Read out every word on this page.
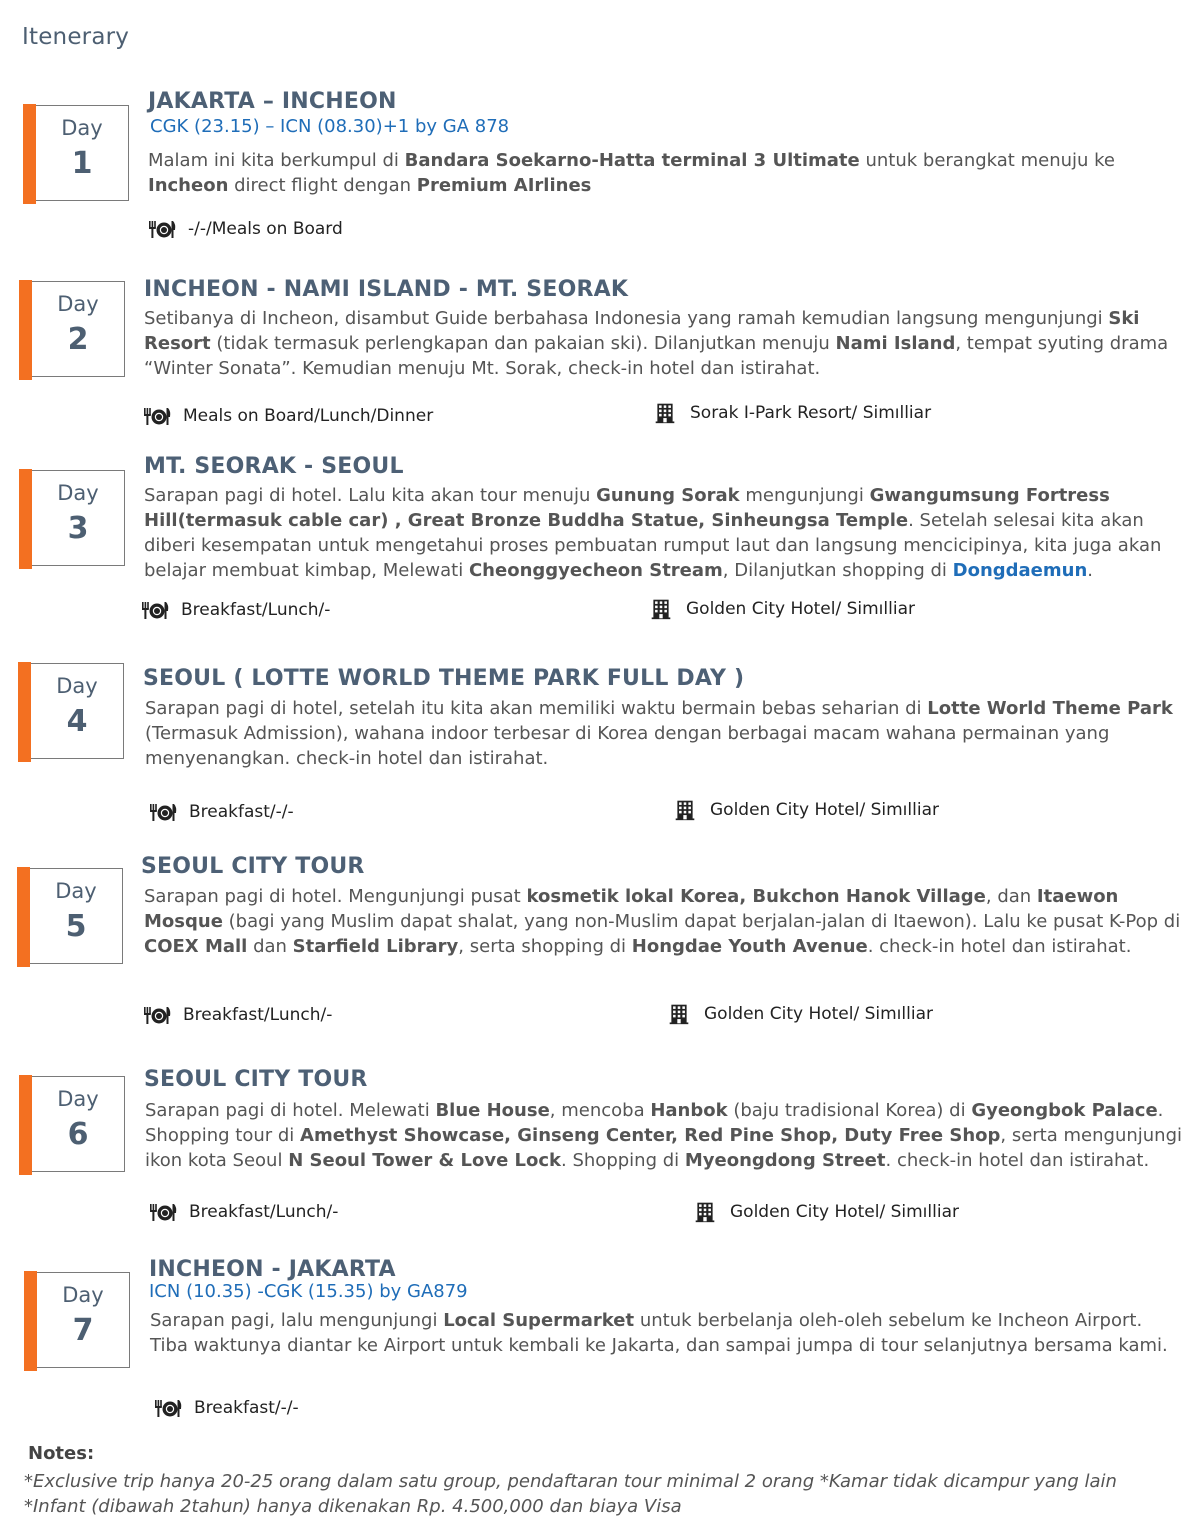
Itenerary
Day
1
JAKARTA – INCHEON
CGK (23.15) – ICN (08.30)+1 by GA 878
Malam ini kita berkumpul di Bandara Soekarno-Hatta terminal 3 Ultimate untuk berangkat menuju ke Incheon direct flight dengan Premium AIrlines
-/-/Meals on Board
Day
2
INCHEON - NAMI ISLAND - MT. SEORAK
Setibanya di Incheon, disambut Guide berbahasa Indonesia yang ramah kemudian langsung mengunjungi Ski Resort (tidak termasuk perlengkapan dan pakaian ski). Dilanjutkan menuju Nami Island, tempat syuting drama “Winter Sonata”. Kemudian menuju Mt. Sorak, check-in hotel dan istirahat.
Meals on Board/Lunch/Dinner	Sorak I-Park Resort/ Simılliar
Day
3
MT. SEORAK - SEOUL
Sarapan pagi di hotel. Lalu kita akan tour menuju Gunung Sorak mengunjungi Gwangumsung Fortress Hill(termasuk cable car) , Great Bronze Buddha Statue, Sinheungsa Temple. Setelah selesai kita akan diberi kesempatan untuk mengetahui proses pembuatan rumput laut dan langsung mencicipinya, kita juga akan belajar membuat kimbap, Melewati Cheonggyecheon Stream, Dilanjutkan shopping di Dongdaemun.
Breakfast/Lunch/-	Golden City Hotel/ Simılliar
Day
4
SEOUL ( LOTTE WORLD THEME PARK FULL DAY )
Sarapan pagi di hotel, setelah itu kita akan memiliki waktu bermain bebas seharian di Lotte World Theme Park (Termasuk Admission), wahana indoor terbesar di Korea dengan berbagai macam wahana permainan yang menyenangkan. check-in hotel dan istirahat.
Breakfast/-/-	Golden City Hotel/ Simılliar
Day
5
SEOUL CITY TOUR
Sarapan pagi di hotel. Mengunjungi pusat kosmetik lokal Korea, Bukchon Hanok Village, dan Itaewon Mosque (bagi yang Muslim dapat shalat, yang non-Muslim dapat berjalan-jalan di Itaewon). Lalu ke pusat K-Pop di COEX Mall dan Starfield Library, serta shopping di Hongdae Youth Avenue. check-in hotel dan istirahat.
Breakfast/Lunch/-	Golden City Hotel/ Simılliar
Day
6
SEOUL CITY TOUR
Sarapan pagi di hotel. Melewati Blue House, mencoba Hanbok (baju tradisional Korea) di Gyeongbok Palace. Shopping tour di Amethyst Showcase, Ginseng Center, Red Pine Shop, Duty Free Shop, serta mengunjungi ikon kota Seoul N Seoul Tower & Love Lock. Shopping di Myeongdong Street. check-in hotel dan istirahat.
Breakfast/Lunch/-	Golden City Hotel/ Simılliar
Day
7
INCHEON - JAKARTA
ICN (10.35) -CGK (15.35) by GA879
Sarapan pagi, lalu mengunjungi Local Supermarket untuk berbelanja oleh-oleh sebelum ke Incheon Airport. Tiba waktunya diantar ke Airport untuk kembali ke Jakarta, dan sampai jumpa di tour selanjutnya bersama kami.
Breakfast/-/-
Notes:
*Exclusive trip hanya 20-25 orang dalam satu group, pendaftaran tour minimal 2 orang *Kamar tidak dicampur yang lain
*Infant (dibawah 2tahun) hanya dikenakan Rp. 4.500,000 dan biaya Visa
